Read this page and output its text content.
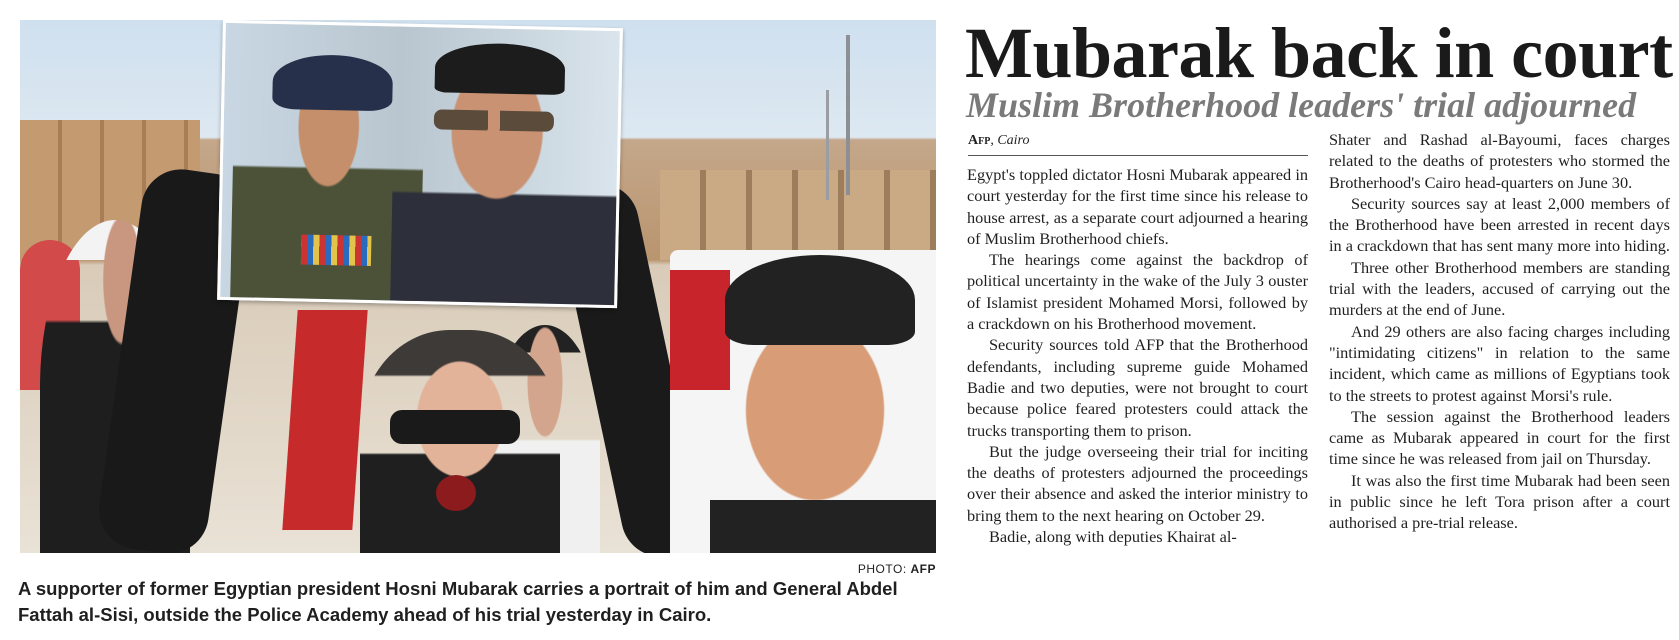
PHOTO: AFP
A supporter of former Egyptian president Hosni Mubarak carries a portrait of him and General Abdel Fattah al-Sisi, outside the Police Academy ahead of his trial yesterday in Cairo.
Mubarak back in court
Muslim Brotherhood leaders' trial adjourned
Afp, Cairo

Egypt's toppled dictator Hosni Mubarak appeared in court yesterday for the first time since his release to house arrest, as a separate court adjourned a hearing of Muslim Brotherhood chiefs.

The hearings come against the backdrop of political uncertainty in the wake of the July 3 ouster of Islamist president Mohamed Morsi, followed by a crackdown on his Brotherhood movement.

Security sources told AFP that the Brotherhood defendants, including supreme guide Mohamed Badie and two deputies, were not brought to court because police feared protesters could attack the trucks transporting them to prison.

But the judge overseeing their trial for inciting the deaths of protesters adjourned the proceedings over their absence and asked the interior ministry to bring them to the next hearing on October 29.

Badie, along with deputies Khairat al-

Shater and Rashad al-Bayoumi, faces charges related to the deaths of protesters who stormed the Brotherhood's Cairo head-quarters on June 30.

Security sources say at least 2,000 members of the Brotherhood have been arrested in recent days in a crackdown that has sent many more into hiding.

Three other Brotherhood members are standing trial with the leaders, accused of carrying out the murders at the end of June.

And 29 others are also facing charges including "intimidating citizens" in relation to the same incident, which came as millions of Egyptians took to the streets to protest against Morsi's rule.

The session against the Brotherhood leaders came as Mubarak appeared in court for the first time since he was released from jail on Thursday.

It was also the first time Mubarak had been seen in public since he left Tora prison after a court authorised a pre-trial release.
